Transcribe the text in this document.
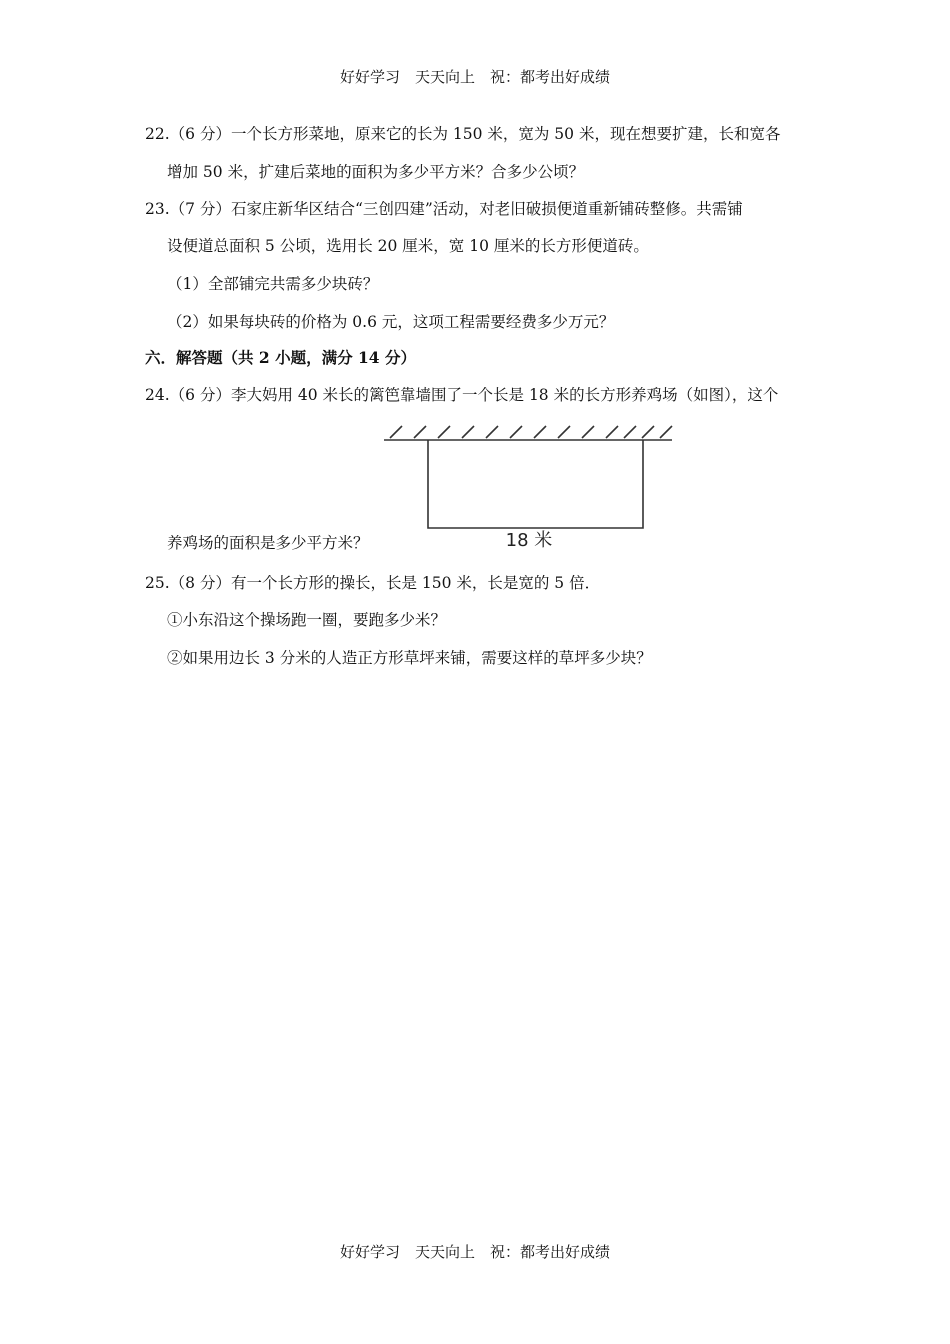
好好学习　天天向上　祝：都考出好成绩
22.（6 分）一个长方形菜地，原来它的长为 150 米，宽为 50 米，现在想要扩建，长和宽各
增加 50 米，扩建后菜地的面积为多少平方米？合多少公顷？
23.（7 分）石家庄新华区结合“三创四建”活动，对老旧破损便道重新铺砖整修。共需铺
设便道总面积 5 公顷，选用长 20 厘米，宽 10 厘米的长方形便道砖。
（1）全部铺完共需多少块砖？
（2）如果每块砖的价格为 0.6 元，这项工程需要经费多少万元？
六．解答题（共 2 小题，满分 14 分）
24.（6 分）李大妈用 40 米长的篱笆靠墙围了一个长是 18 米的长方形养鸡场（如图），这个
18 米
养鸡场的面积是多少平方米？
25.（8 分）有一个长方形的操长，长是 150 米，长是宽的 5 倍．
①小东沿这个操场跑一圈，要跑多少米？
②如果用边长 3 分米的人造正方形草坪来铺，需要这样的草坪多少块？
好好学习　天天向上　祝：都考出好成绩
